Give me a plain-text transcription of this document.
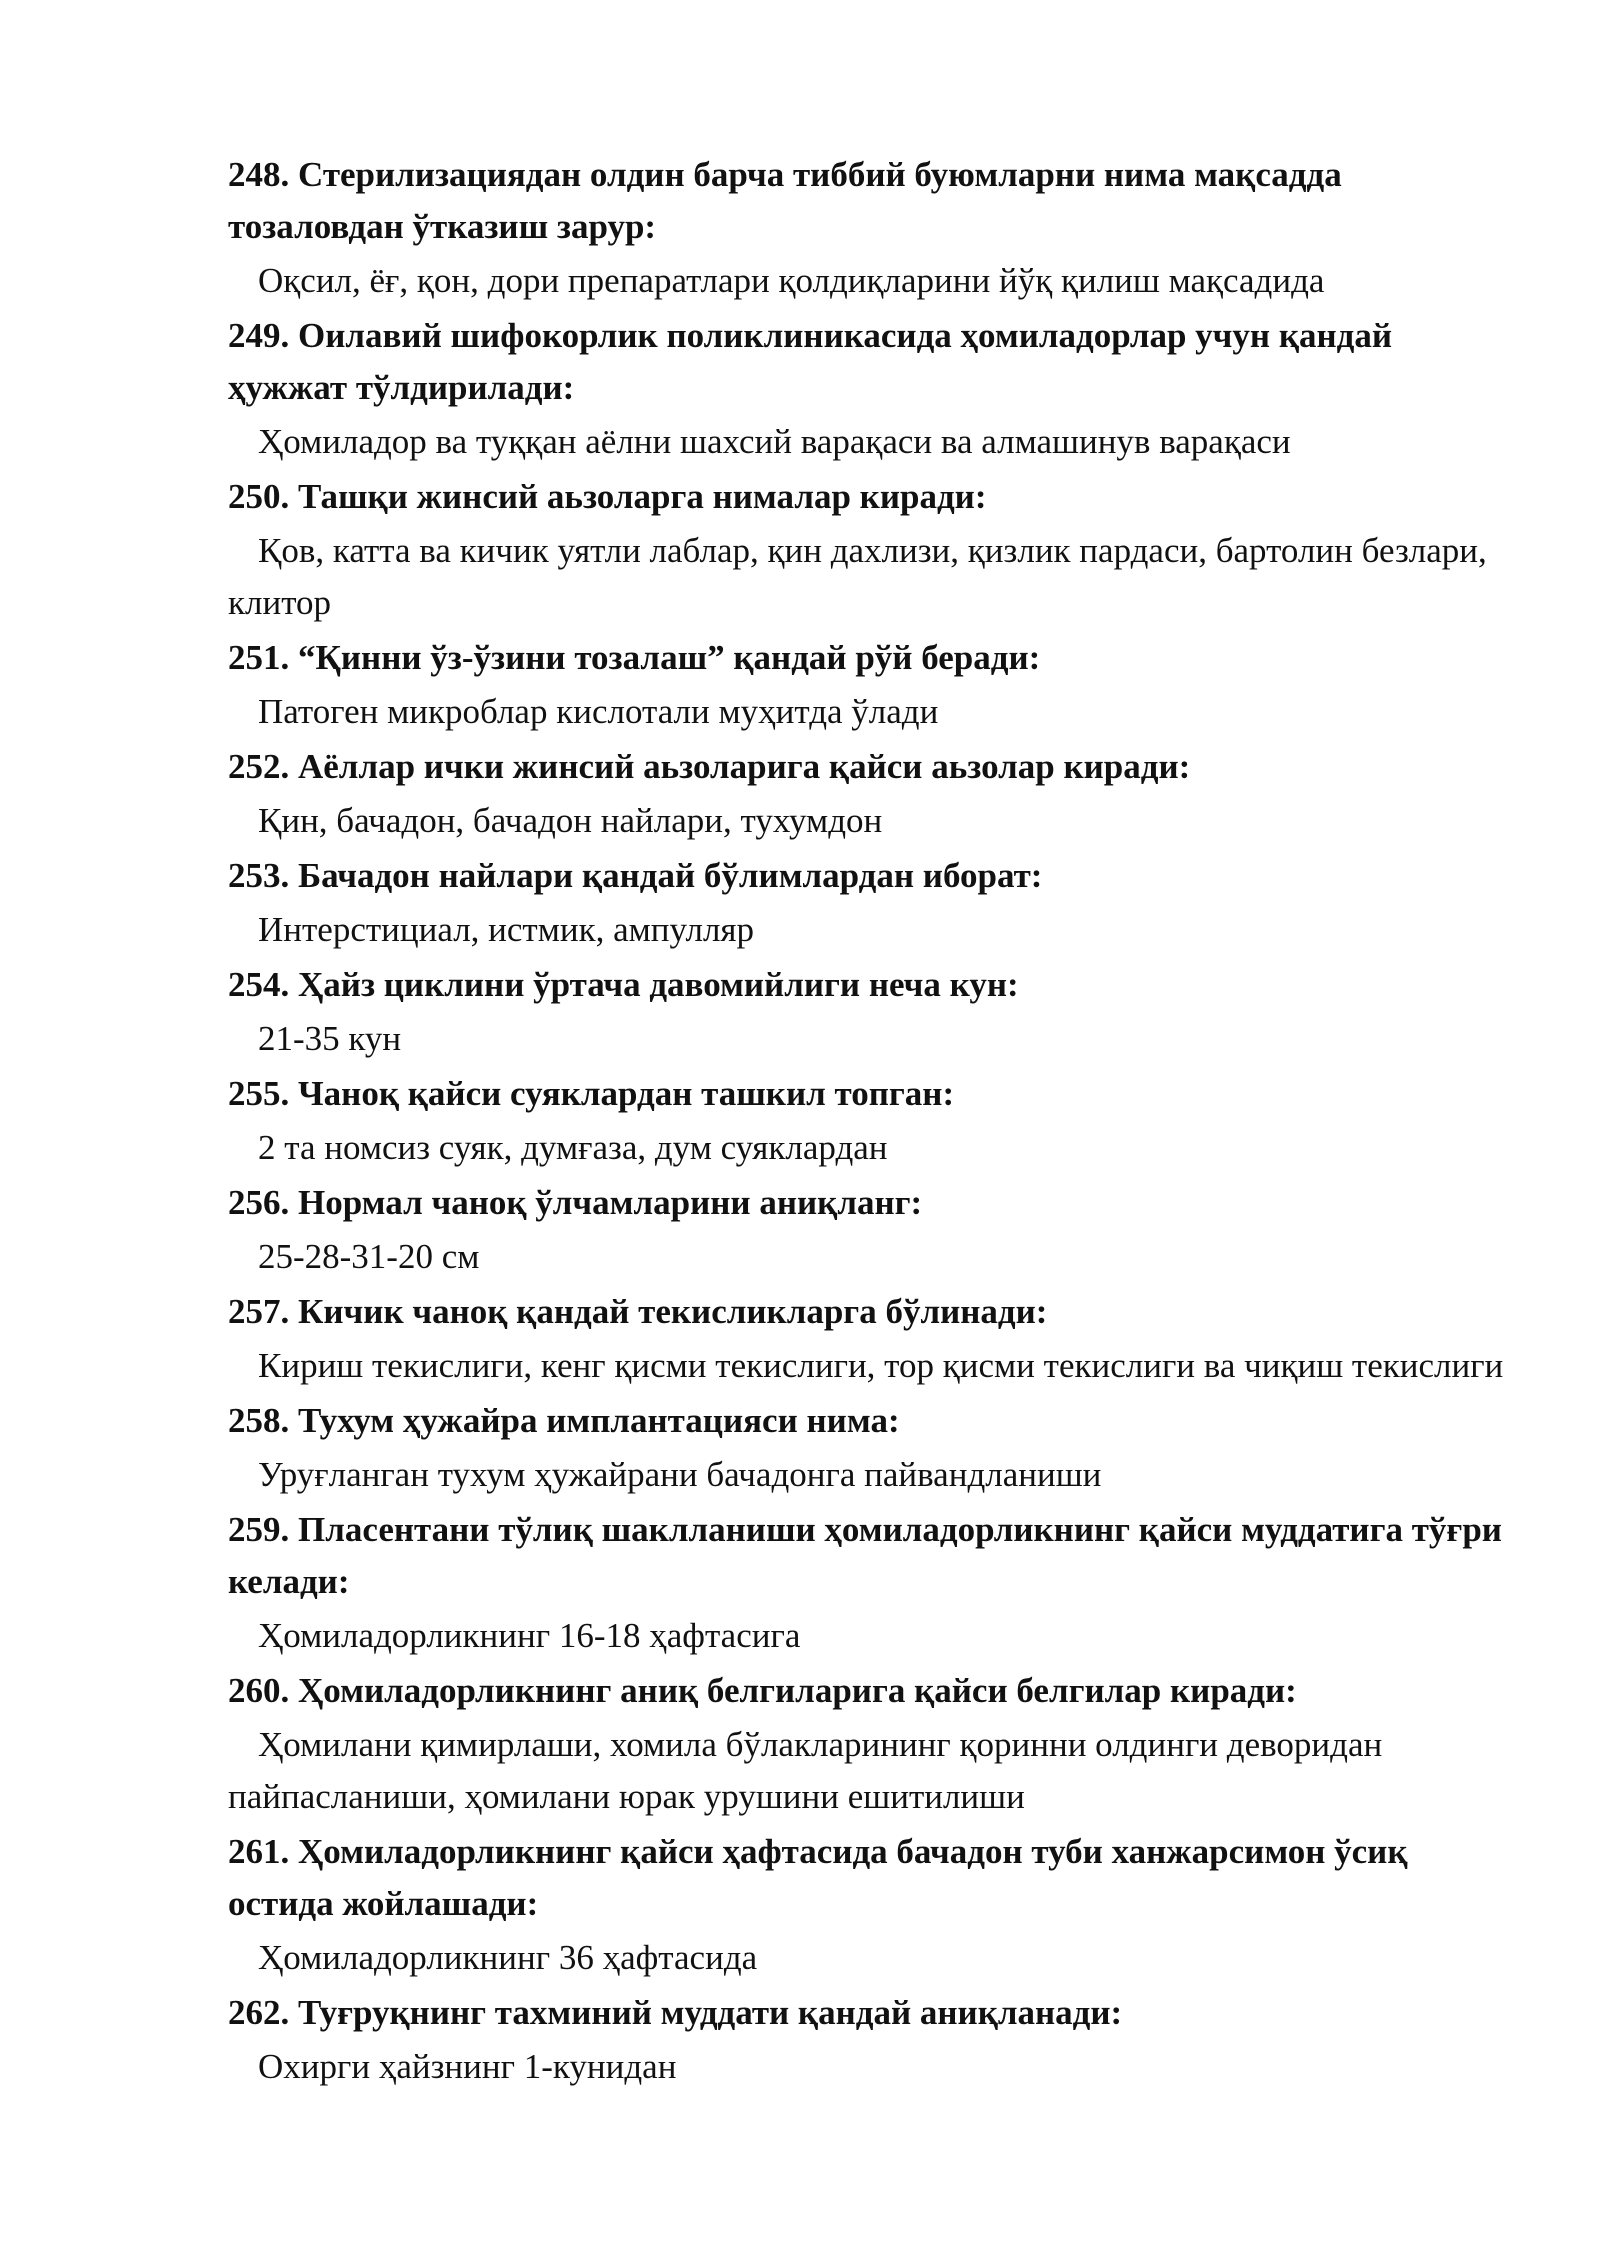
248. Стерилизациядан олдин барча тиббий буюмларни нима мақсадда тозаловдан ўтказиш зарур:

Оқсил, ёғ, қон, дори препаратлари қолдиқларини йўқ қилиш мақсадида

249. Оилавий шифокорлик поликлиникасида ҳомиладорлар учун қандай ҳужжат тўлдирилади:

Ҳомиладор ва туққан аёлни шахсий варақаси ва алмашинув варақаси

250. Ташқи жинсий аьзоларга нималар киради:

Қов, катта ва кичик уятли лаблар, қин дахлизи, қизлик пардаси, бартолин безлари, клитор

251. “Қинни ўз-ўзини тозалаш” қандай рўй беради:

Патоген микроблар кислотали муҳитда ўлади

252. Аёллар ички жинсий аьзоларига қайси аьзолар киради:

Қин, бачадон, бачадон найлари, тухумдон

253. Бачадон найлари қандай бўлимлардан иборат:

Интерстициал, истмик, ампулляр

254. Ҳайз циклини ўртача давомийлиги неча кун:

21-35 кун

255. Чаноқ қайси суяклардан ташкил топган:

2 та номсиз суяк, думғаза, дум суяклардан

256. Нормал чаноқ ўлчамларини аниқланг:

25-28-31-20 см

257. Кичик чаноқ қандай текисликларга бўлинади:

Кириш текислиги, кенг қисми текислиги, тор қисми текислиги ва чиқиш текислиги

258. Тухум ҳужайра имплантацияси нима:

Уруғланган тухум ҳужайрани бачадонга пайвандланиши

259. Пласентани тўлиқ шаклланиши ҳомиладорликнинг қайси муддатига тўғри келади:

Ҳомиладорликнинг 16-18 ҳафтасига

260. Ҳомиладорликнинг аниқ белгиларига қайси белгилар киради:

Ҳомилани қимирлаши, хомила бўлакларининг қоринни олдинги деворидан пайпасланиши, ҳомилани юрак урушини ешитилиши

261. Ҳомиладорликнинг қайси ҳафтасида бачадон туби ханжарсимон ўсиқ остида жойлашади:

Ҳомиладорликнинг 36 ҳафтасида

262. Туғруқнинг тахминий муддати қандай аниқланади:

Охирги ҳайзнинг 1-кунидан
